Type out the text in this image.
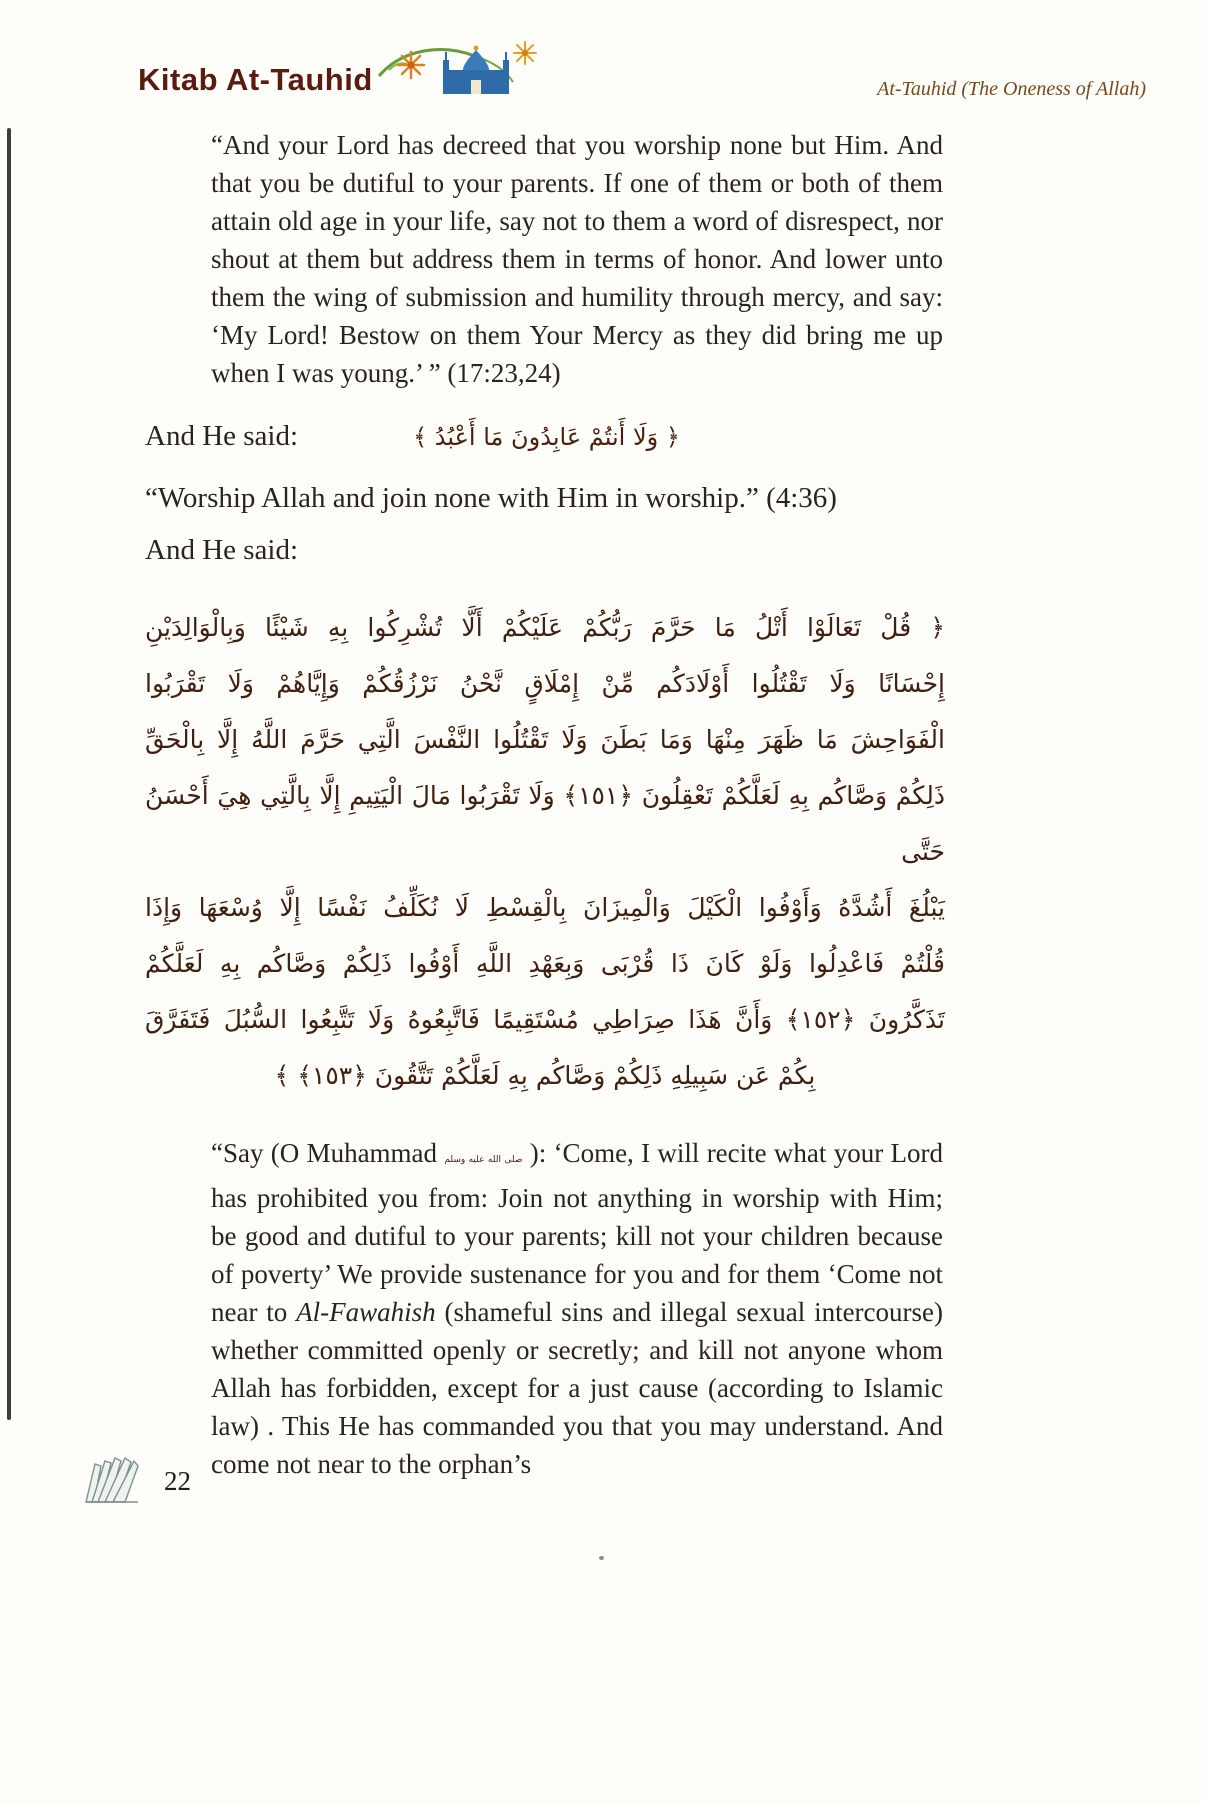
Kitab At-Tauhid	At-Tauhid (The Oneness of Allah)

“And your Lord has decreed that you worship none but Him. And that you be dutiful to your parents. If one of them or both of them attain old age in your life, say not to them a word of disrespect, nor shout at them but address them in terms of honor. And lower unto them the wing of submission and humility through mercy, and say: ‘My Lord! Bestow on them Your Mercy as they did bring me up when I was young.’ ” (17:23,24)

And He said:	﴿ وَلَا أَنتُمْ عَابِدُونَ مَا أَعْبُدُ ﴾

“Worship Allah and join none with Him in worship.” (4:36)

And He said:
﴿ قُلْ تَعَالَوْا أَتْلُ مَا حَرَّمَ رَبُّكُمْ عَلَيْكُمْ أَلَّا تُشْرِكُوا بِهِ شَيْئًا وَبِالْوَالِدَيْنِ
إِحْسَانًا وَلَا تَقْتُلُوا أَوْلَادَكُم مِّنْ إِمْلَاقٍ نَّحْنُ نَرْزُقُكُمْ وَإِيَّاهُمْ وَلَا تَقْرَبُوا
الْفَوَاحِشَ مَا ظَهَرَ مِنْهَا وَمَا بَطَنَ وَلَا تَقْتُلُوا النَّفْسَ الَّتِي حَرَّمَ اللَّهُ إِلَّا بِالْحَقِّ
ذَلِكُمْ وَصَّاكُم بِهِ لَعَلَّكُمْ تَعْقِلُونَ ﴿١٥١﴾ وَلَا تَقْرَبُوا مَالَ الْيَتِيمِ إِلَّا بِالَّتِي هِيَ أَحْسَنُ حَتَّى
يَبْلُغَ أَشُدَّهُ وَأَوْفُوا الْكَيْلَ وَالْمِيزَانَ بِالْقِسْطِ لَا نُكَلِّفُ نَفْسًا إِلَّا وُسْعَهَا وَإِذَا
قُلْتُمْ فَاعْدِلُوا وَلَوْ كَانَ ذَا قُرْبَى وَبِعَهْدِ اللَّهِ أَوْفُوا ذَلِكُمْ وَصَّاكُم بِهِ لَعَلَّكُمْ
تَذَكَّرُونَ ﴿١٥٢﴾ وَأَنَّ هَذَا صِرَاطِي مُسْتَقِيمًا فَاتَّبِعُوهُ وَلَا تَتَّبِعُوا السُّبُلَ فَتَفَرَّقَ
بِكُمْ عَن سَبِيلِهِ ذَلِكُمْ وَصَّاكُم بِهِ لَعَلَّكُمْ تَتَّقُونَ ﴿١٥٣﴾ ﴾

“Say (O Muhammad صلى الله عليه وسلم ): ‘Come, I will recite what your Lord has prohibited you from: Join not anything in worship with Him; be good and dutiful to your parents; kill not your children because of poverty’ We provide sustenance for you and for them ‘Come not near to Al-Fawahish (shameful sins and illegal sexual intercourse) whether committed openly or secretly; and kill not anyone whom Allah has forbidden, except for a just cause (according to Islamic law) . This He has commanded you that you may understand. And come not near to the orphan’s

22
